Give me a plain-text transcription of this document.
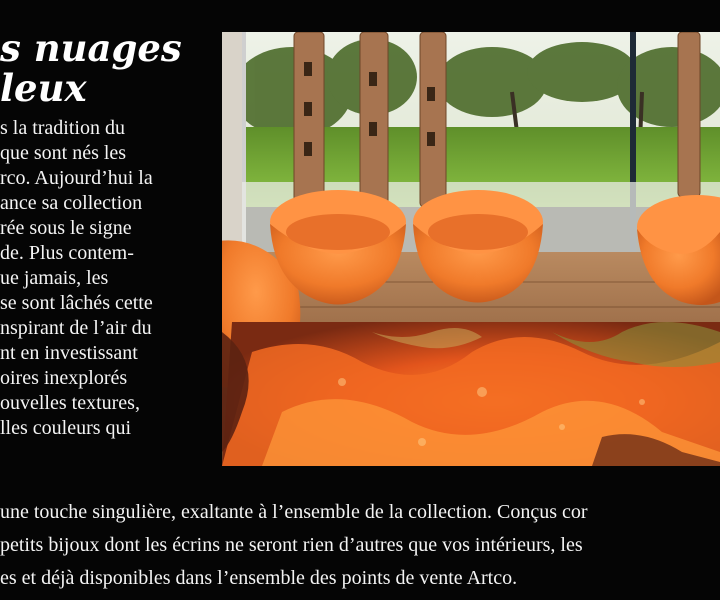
s nuages
leux
s la tradition du
que sont nés les
rco. Aujourd’hui la
ance sa collection
rée sous le signe
de. Plus contem-
ue jamais, les
se sont lâchés cette
nspirant de l’air du
nt en investissant
oires inexplorés
ouvelles textures,
lles couleurs qui
une touche singulière, exaltante à l’ensemble de la collection. Conçus cor
petits bijoux dont les écrins ne seront rien d’autres que vos intérieurs, les
es et déjà disponibles dans l’ensemble des points de vente Artco.
